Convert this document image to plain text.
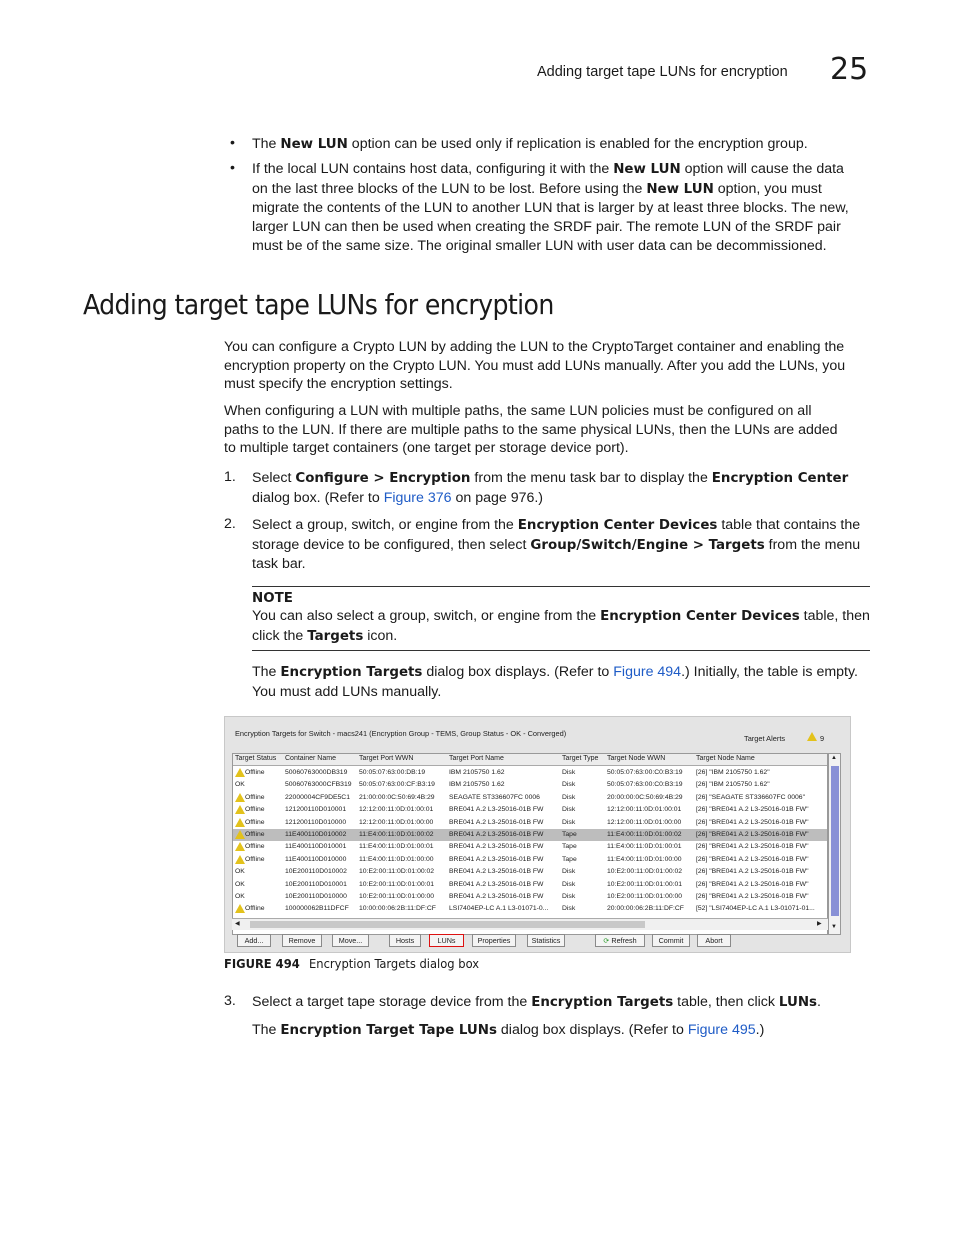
Adding target tape LUNs for encryption 25
• The New LUN option can be used only if replication is enabled for the encryption group.
• If the local LUN contains host data, configuring it with the New LUN option will cause the data
on the last three blocks of the LUN to be lost. Before using the New LUN option, you must
migrate the contents of the LUN to another LUN that is larger by at least three blocks. The new,
larger LUN can then be used when creating the SRDF pair. The remote LUN of the SRDF pair
must be of the same size. The original smaller LUN with user data can be decommissioned.
Adding target tape LUNs for encryption
You can configure a Crypto LUN by adding the LUN to the CryptoTarget container and enabling the
encryption property on the Crypto LUN. You must add LUNs manually. After you add the LUNs, you
must specify the encryption settings.
When configuring a LUN with multiple paths, the same LUN policies must be configured on all
paths to the LUN. If there are multiple paths to the same physical LUNs, then the LUNs are added
to multiple target containers (one target per storage device port).
1. Select Configure > Encryption from the menu task bar to display the Encryption Center
dialog box. (Refer to Figure 376 on page 976.)
2. Select a group, switch, or engine from the Encryption Center Devices table that contains the
storage device to be configured, then select Group/Switch/Engine > Targets from the menu
task bar.
NOTE
You can also select a group, switch, or engine from the Encryption Center Devices table, then
click the Targets icon.
The Encryption Targets dialog box displays. (Refer to Figure 494.) Initially, the table is empty.
You must add LUNs manually.
Encryption Targets for Switch - macs241 (Encryption Group - TEMS, Group Status - OK - Converged)
Target Alerts	9
Target Status Container Name	Target Port WWN	Target Port Name	Target Type Target Node WWN	Target Node Name
Offline	50060763000DB319 50:05:07:63:00:DB:19	IBM 2105750 1.62	Disk	50:05:07:63:00:C0:B3:19 [26] "IBM 2105750 1.62"
OK	50060763000CFB319 50:05:07:63:00:CF:B3:19 IBM 2105750 1.62	Disk	50:05:07:63:00:C0:B3:19 [26] "IBM 2105750 1.62"
Offline	22000004CF9DE5C1 21:00:00:0C:50:69:4B:29 SEAGATE ST336607FC 0006	Disk	20:00:00:0C:50:69:4B:29 [26] "SEAGATE ST336607FC 0006"
Offline	121200110D010001 12:12:00:11:0D:01:00:01 BRE041 A.2 L3-25016-01B FW	Disk	12:12:00:11:0D:01:00:01 [26] "BRE041 A.2 L3-25016-01B FW"
Offline	121200110D010000 12:12:00:11:0D:01:00:00 BRE041 A.2 L3-25016-01B FW	Disk	12:12:00:11:0D:01:00:00 [26] "BRE041 A.2 L3-25016-01B FW"
Offline	11E400110D010002 11:E4:00:11:0D:01:00:02 BRE041 A.2 L3-25016-01B FW	Tape	11:E4:00:11:0D:01:00:02 [26] "BRE041 A.2 L3-25016-01B FW"
Offline	11E400110D010001 11:E4:00:11:0D:01:00:01 BRE041 A.2 L3-25016-01B FW	Tape	11:E4:00:11:0D:01:00:01 [26] "BRE041 A.2 L3-25016-01B FW"
Offline	11E400110D010000 11:E4:00:11:0D:01:00:00 BRE041 A.2 L3-25016-01B FW	Tape	11:E4:00:11:0D:01:00:00 [26] "BRE041 A.2 L3-25016-01B FW"
OK	10E200110D010002 10:E2:00:11:0D:01:00:02 BRE041 A.2 L3-25016-01B FW	Disk	10:E2:00:11:0D:01:00:02 [26] "BRE041 A.2 L3-25016-01B FW"
OK	10E200110D010001 10:E2:00:11:0D:01:00:01 BRE041 A.2 L3-25016-01B FW	Disk	10:E2:00:11:0D:01:00:01 [26] "BRE041 A.2 L3-25016-01B FW"
OK	10E200110D010000 10:E2:00:11:0D:01:00:00 BRE041 A.2 L3-25016-01B FW	Disk	10:E2:00:11:0D:01:00:00 [26] "BRE041 A.2 L3-25016-01B FW"
Offline	100000062B11DFCF 10:00:00:06:2B:11:DF:CF LSI7404EP-LC A.1 L3-01071-0... Disk	20:00:00:06:2B:11:DF:CF [52] "LSI7404EP-LC A.1 L3-01071-01...
▲
▼
◀	▶
Add...	Remove	Move...	Hosts	LUNs	Properties	Statistics	⟳ Refresh	Commit	Abort
FIGURE 494 Encryption Targets dialog box
3. Select a target tape storage device from the Encryption Targets table, then click LUNs.
The Encryption Target Tape LUNs dialog box displays. (Refer to Figure 495.)
